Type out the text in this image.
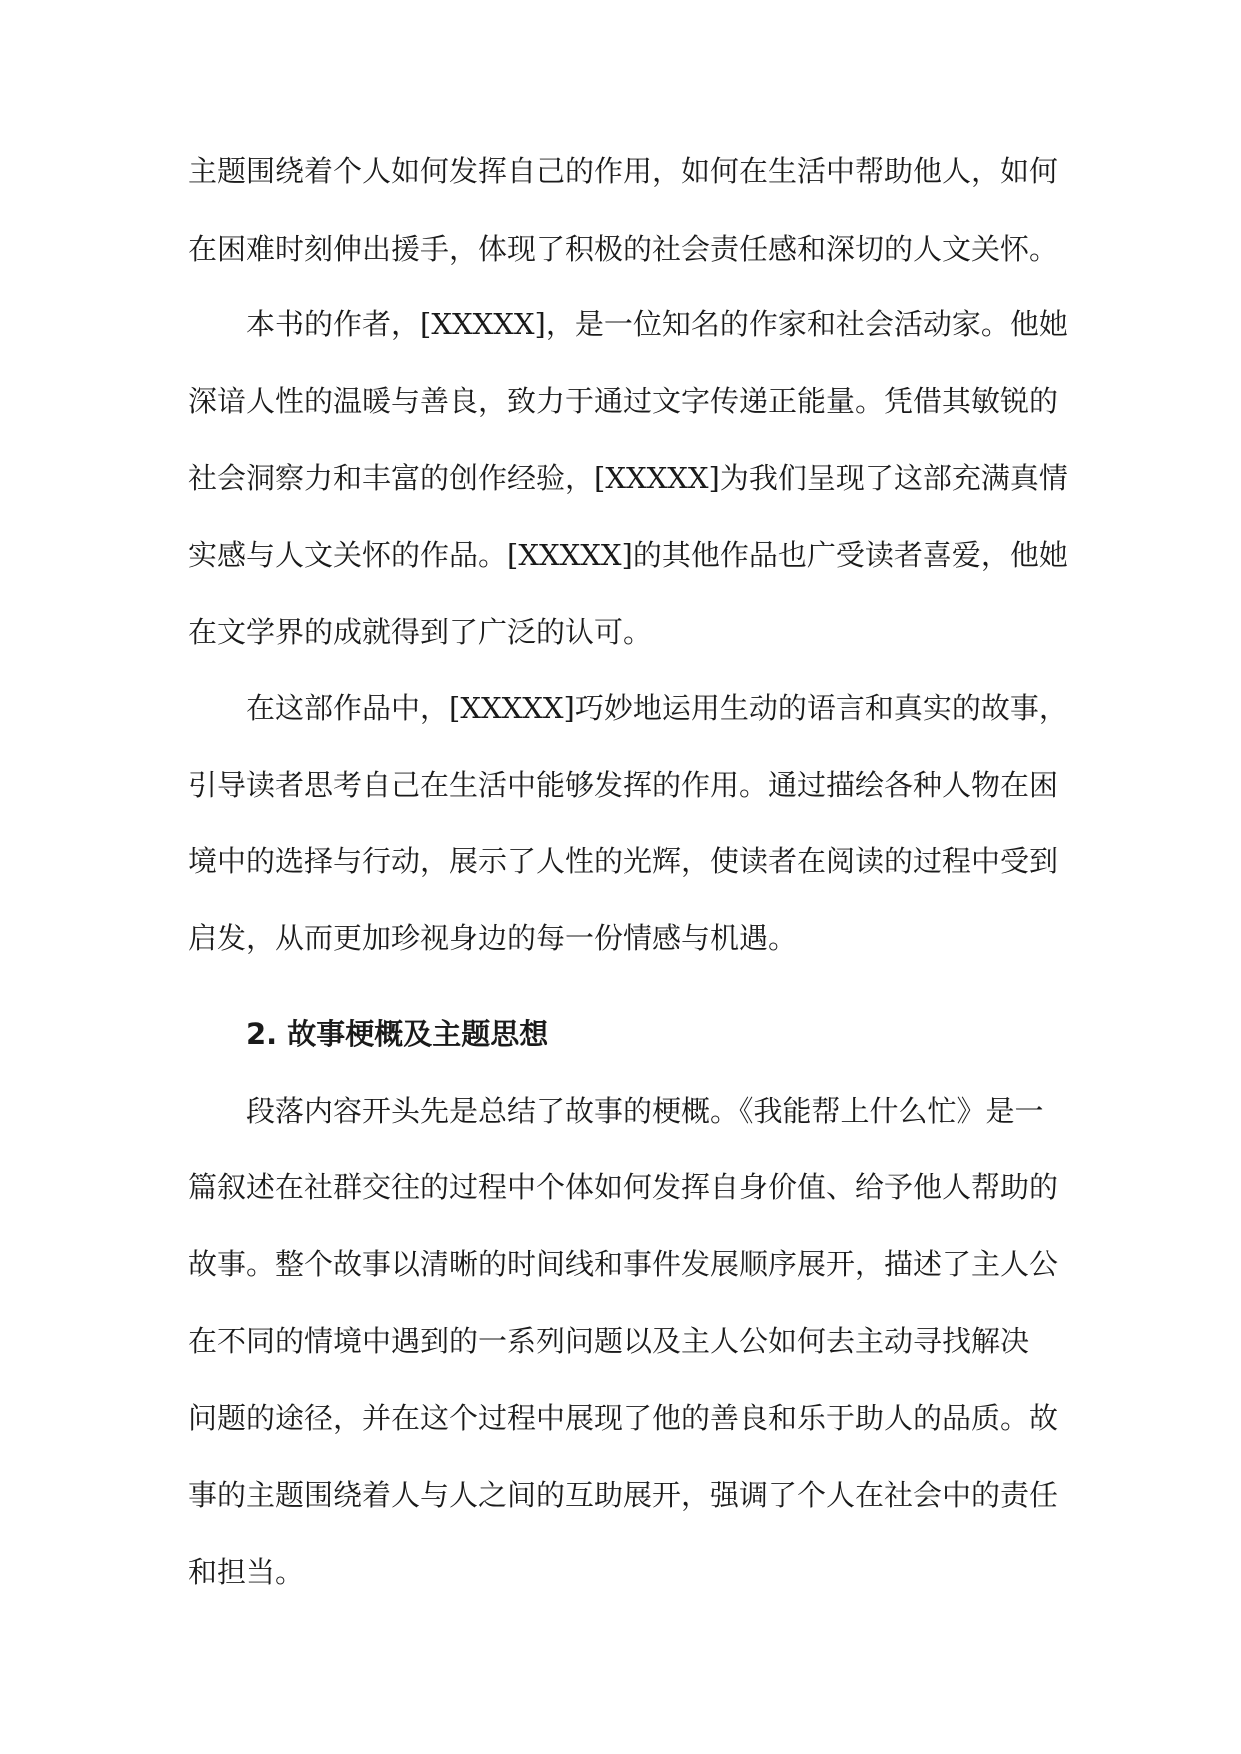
主题围绕着个人如何发挥自己的作用，如何在生活中帮助他人，如何

在困难时刻伸出援手，体现了积极的社会责任感和深切的人文关怀。

本书的作者，[XXXXX]，是一位知名的作家和社会活动家。他她

深谙人性的温暖与善良，致力于通过文字传递正能量。凭借其敏锐的

社会洞察力和丰富的创作经验，[XXXXX]为我们呈现了这部充满真情

实感与人文关怀的作品。[XXXXX]的其他作品也广受读者喜爱，他她

在文学界的成就得到了广泛的认可。

在这部作品中，[XXXXX]巧妙地运用生动的语言和真实的故事，

引导读者思考自己在生活中能够发挥的作用。通过描绘各种人物在困

境中的选择与行动，展示了人性的光辉，使读者在阅读的过程中受到

启发，从而更加珍视身边的每一份情感与机遇。

2. 故事梗概及主题思想

段落内容开头先是总结了故事的梗概。《我能帮上什么忙》是一

篇叙述在社群交往的过程中个体如何发挥自身价值、给予他人帮助的

故事。整个故事以清晰的时间线和事件发展顺序展开，描述了主人公

在不同的情境中遇到的一系列问题以及主人公如何去主动寻找解决

问题的途径，并在这个过程中展现了他的善良和乐于助人的品质。故

事的主题围绕着人与人之间的互助展开，强调了个人在社会中的责任

和担当。
